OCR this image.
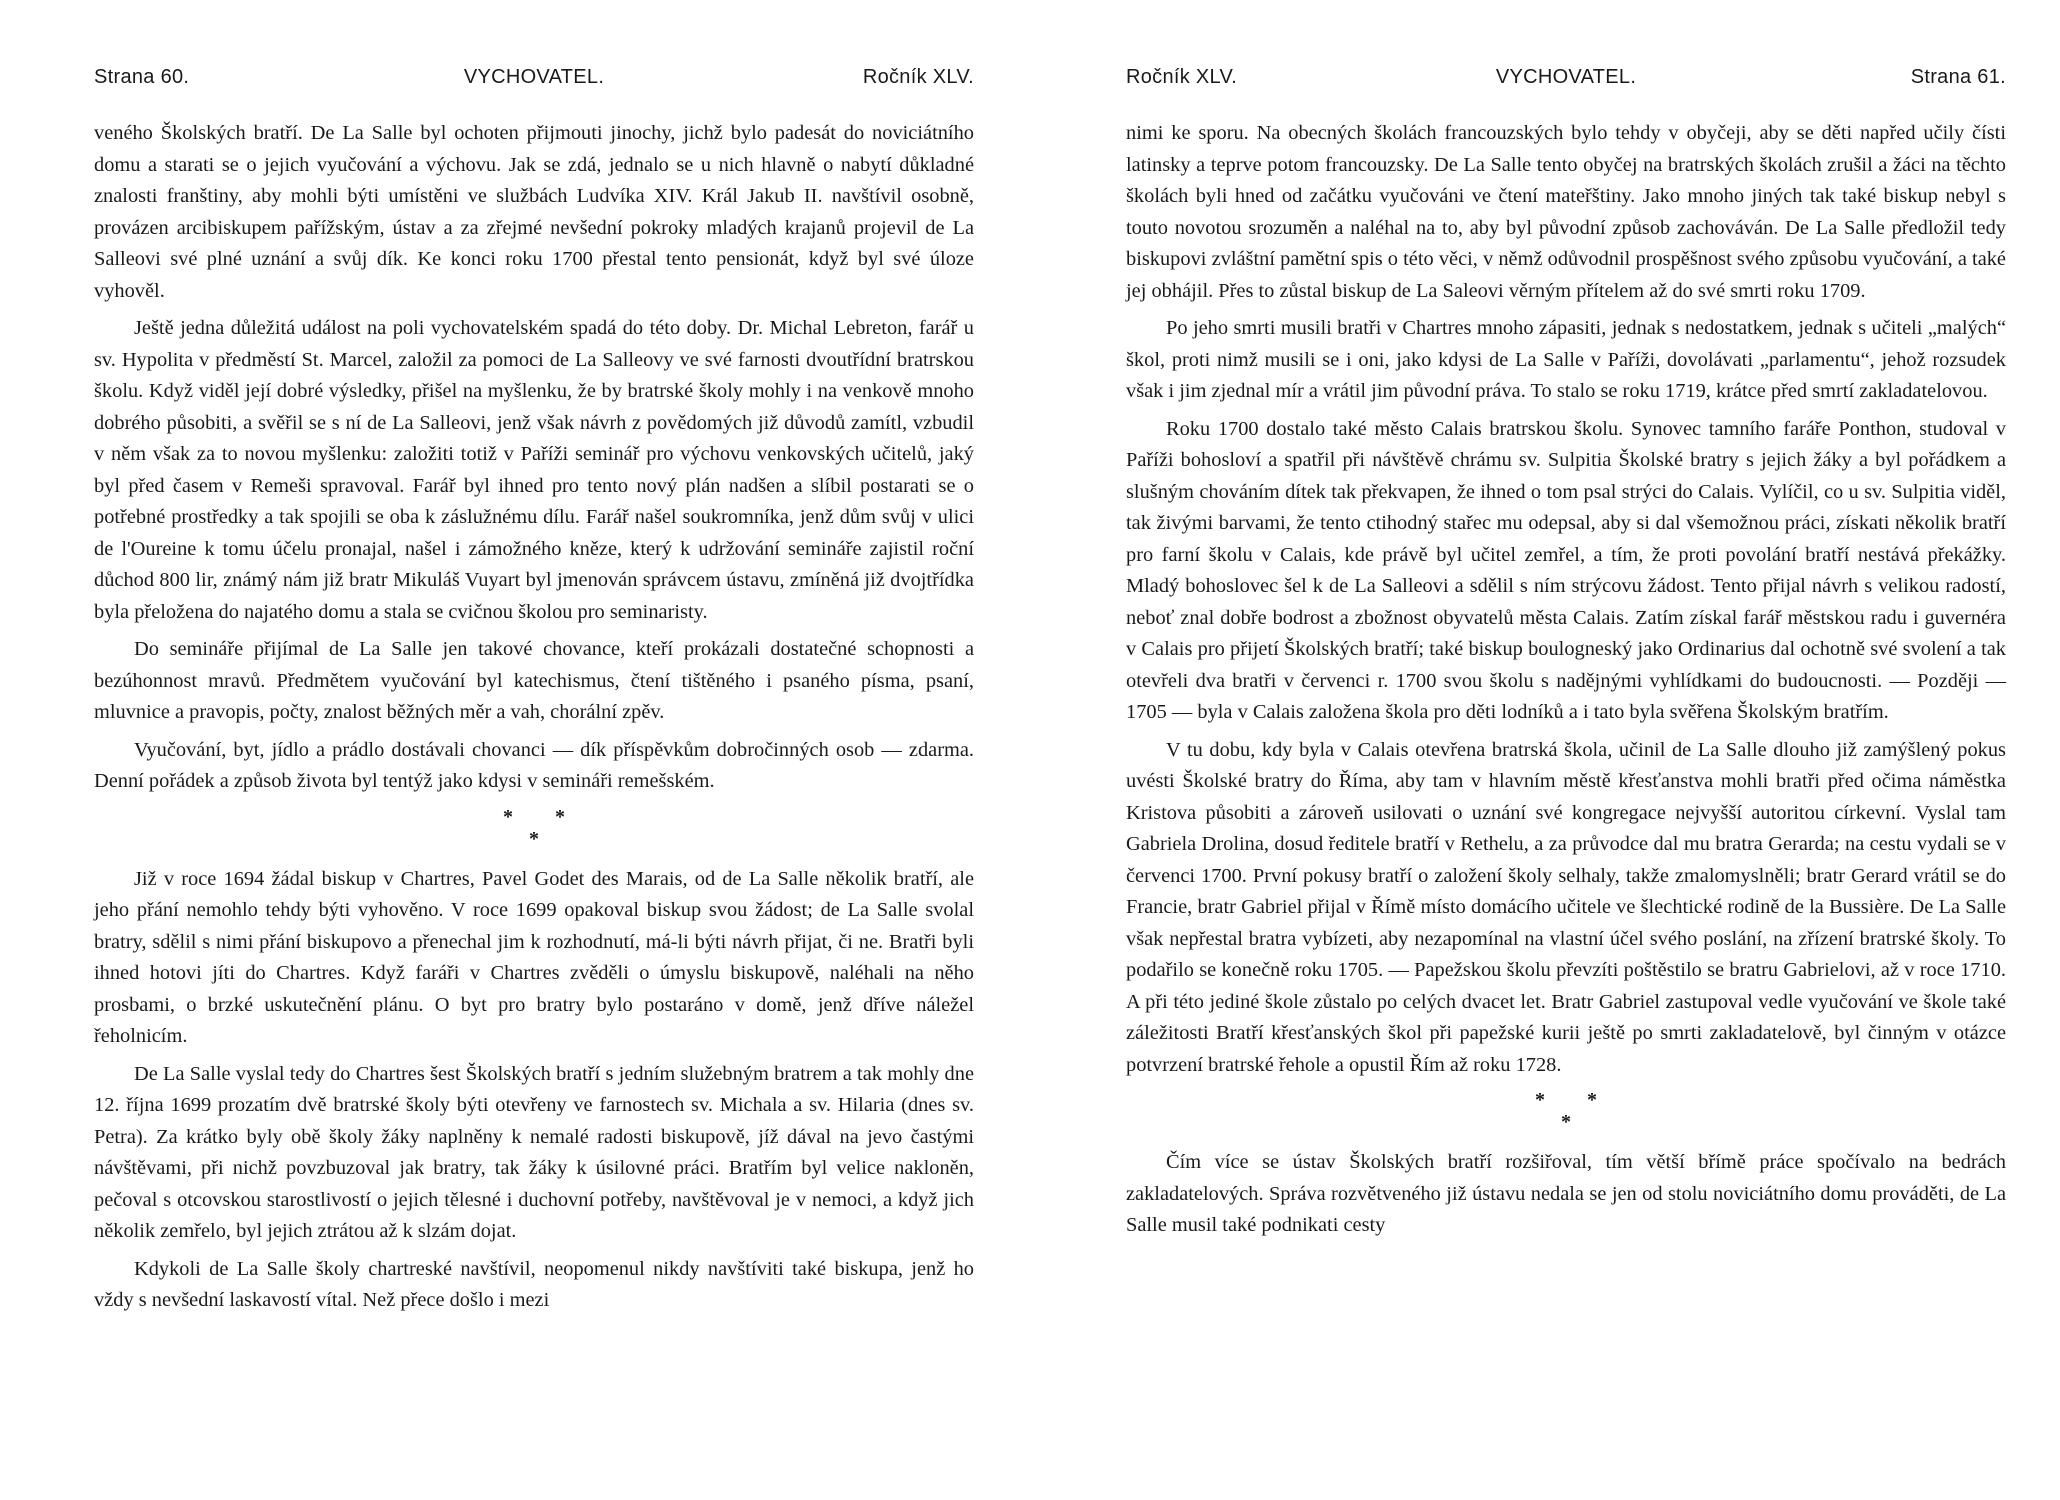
Strana 60.	VYCHOVATEL.	Ročník XLV.

veného Školských bratří. De La Salle byl ochoten přijmouti jinochy, jichž bylo padesát do noviciátního domu a starati se o jejich vyučování a výchovu. Jak se zdá, jednalo se u nich hlavně o nabytí důkladné znalosti franštiny, aby mohli býti umístěni ve službách Ludvíka XIV. Král Jakub II. navštívil osobně, provázen arcibiskupem pařížským, ústav a za zřejmé nevšední pokroky mladých krajanů projevil de La Salleovi své plné uznání a svůj dík. Ke konci roku 1700 přestal tento pensionát, když byl své úloze vyhověl.

Ještě jedna důležitá událost na poli vychovatelském spadá do této doby. Dr. Michal Lebreton, farář u sv. Hypolita v předměstí St. Marcel, založil za pomoci de La Salleovy ve své farnosti dvoutřídní bratrskou školu. Když viděl její dobré výsledky, přišel na myšlenku, že by bratrské školy mohly i na venkově mnoho dobrého působiti, a svěřil se s ní de La Salleovi, jenž však návrh z povědomých již důvodů zamítl, vzbudil v něm však za to novou myšlenku: založiti totiž v Paříži seminář pro výchovu venkovských učitelů, jaký byl před časem v Remeši spravoval. Farář byl ihned pro tento nový plán nadšen a slíbil postarati se o potřebné prostředky a tak spojili se oba k záslužnému dílu. Farář našel soukromníka, jenž dům svůj v ulici de l'Oureine k tomu účelu pronajal, našel i zámožného kněze, který k udržování semináře zajistil roční důchod 800 lir, známý nám již bratr Mikuláš Vuyart byl jmenován správcem ústavu, zmíněná již dvojtřídka byla přeložena do najatého domu a stala se cvičnou školou pro seminaristy.

Do semináře přijímal de La Salle jen takové chovance, kteří prokázali dostatečné schopnosti a bezúhonnost mravů. Předmětem vyučování byl katechismus, čtení tištěného i psaného písma, psaní, mluvnice a pravopis, počty, znalost běžných měr a vah, chorální zpěv.

Vyučování, byt, jídlo a prádlo dostávali chovanci — dík příspěvkům dobročinných osob — zdarma. Denní pořádek a způsob života byl tentýž jako kdysi v semináři remešském.

**
*

Již v roce 1694 žádal biskup v Chartres, Pavel Godet des Marais, od de La Salle několik bratří, ale jeho přání nemohlo tehdy býti vyhověno. V roce 1699 opakoval biskup svou žádost; de La Salle svolal bratry, sdělil s nimi přání biskupovo a přenechal jim k rozhodnutí, má-li býti návrh přijat, či ne. Bratři byli ihned hotovi jíti do Chartres. Když faráři v Chartres zvěděli o úmyslu biskupově, naléhali na něho prosbami, o brzké uskutečnění plánu. O byt pro bratry bylo postaráno v domě, jenž dříve náležel řeholnicím.

De La Salle vyslal tedy do Chartres šest Školských bratří s jedním služebným bratrem a tak mohly dne 12. října 1699 prozatím dvě bratrské školy býti otevřeny ve farnostech sv. Michala a sv. Hilaria (dnes sv. Petra). Za krátko byly obě školy žáky naplněny k nemalé radosti biskupově, jíž dával na jevo častými návštěvami, při nichž povzbuzoval jak bratry, tak žáky k úsilovné práci. Bratřím byl velice nakloněn, pečoval s otcovskou starostlivostí o jejich tělesné i duchovní potřeby, navštěvoval je v nemoci, a když jich několik zemřelo, byl jejich ztrátou až k slzám dojat.

Kdykoli de La Salle školy chartreské navštívil, neopomenul nikdy navštíviti také biskupa, jenž ho vždy s nevšední laskavostí vítal. Než přece došlo i mezi

Ročník XLV.	VYCHOVATEL.	Strana 61.

nimi ke sporu. Na obecných školách francouzských bylo tehdy v obyčeji, aby se děti napřed učily čísti latinsky a teprve potom francouzsky. De La Salle tento obyčej na bratrských školách zrušil a žáci na těchto školách byli hned od začátku vyučováni ve čtení mateřštiny. Jako mnoho jiných tak také biskup nebyl s touto novotou srozuměn a naléhal na to, aby byl původní způsob zachováván. De La Salle předložil tedy biskupovi zvláštní pamětní spis o této věci, v němž odůvodnil prospěšnost svého způsobu vyučování, a také jej obhájil. Přes to zůstal biskup de La Saleovi věrným přítelem až do své smrti roku 1709.

Po jeho smrti musili bratři v Chartres mnoho zápasiti, jednak s nedostatkem, jednak s učiteli „malých“ škol, proti nimž musili se i oni, jako kdysi de La Salle v Paříži, dovolávati „parlamentu“, jehož rozsudek však i jim zjednal mír a vrátil jim původní práva. To stalo se roku 1719, krátce před smrtí zakladatelovou.

Roku 1700 dostalo také město Calais bratrskou školu. Synovec tamního faráře Ponthon, studoval v Paříži bohosloví a spatřil při návštěvě chrámu sv. Sulpitia Školské bratry s jejich žáky a byl pořádkem a slušným chováním dítek tak překvapen, že ihned o tom psal strýci do Calais. Vylíčil, co u sv. Sulpitia viděl, tak živými barvami, že tento ctihodný stařec mu odepsal, aby si dal všemožnou práci, získati několik bratří pro farní školu v Calais, kde právě byl učitel zemřel, a tím, že proti povolání bratří nestává překážky. Mladý bohoslovec šel k de La Salleovi a sdělil s ním strýcovu žádost. Tento přijal návrh s velikou radostí, neboť znal dobře bodrost a zbožnost obyvatelů města Calais. Zatím získal farář městskou radu i guvernéra v Calais pro přijetí Školských bratří; také biskup boulogneský jako Ordinarius dal ochotně své svolení a tak otevřeli dva bratři v červenci r. 1700 svou školu s nadějnými vyhlídkami do budoucnosti. — Později — 1705 — byla v Calais založena škola pro děti lodníků a i tato byla svěřena Školským bratřím.

V tu dobu, kdy byla v Calais otevřena bratrská škola, učinil de La Salle dlouho již zamýšlený pokus uvésti Školské bratry do Říma, aby tam v hlavním městě křesťanstva mohli bratři před očima náměstka Kristova působiti a zároveň usilovati o uznání své kongregace nejvyšší autoritou církevní. Vyslal tam Gabriela Drolina, dosud ředitele bratří v Rethelu, a za průvodce dal mu bratra Gerarda; na cestu vydali se v červenci 1700. První pokusy bratří o založení školy selhaly, takže zmalomyslněli; bratr Gerard vrátil se do Francie, bratr Gabriel přijal v Římě místo domácího učitele ve šlechtické rodině de la Bussière. De La Salle však nepřestal bratra vybízeti, aby nezapomínal na vlastní účel svého poslání, na zřízení bratrské školy. To podařilo se konečně roku 1705. — Papežskou školu převzíti poštěstilo se bratru Gabrielovi, až v roce 1710. A při této jediné škole zůstalo po celých dvacet let. Bratr Gabriel zastupoval vedle vyučování ve škole také záležitosti Bratří křesťanských škol při papežské kurii ještě po smrti zakladatelově, byl činným v otázce potvrzení bratrské řehole a opustil Řím až roku 1728.

**
*

Čím více se ústav Školských bratří rozšiřoval, tím větší břímě práce spočívalo na bedrách zakladatelových. Správa rozvětveného již ústavu nedala se jen od stolu noviciátního domu prováděti, de La Salle musil také podnikati cesty
